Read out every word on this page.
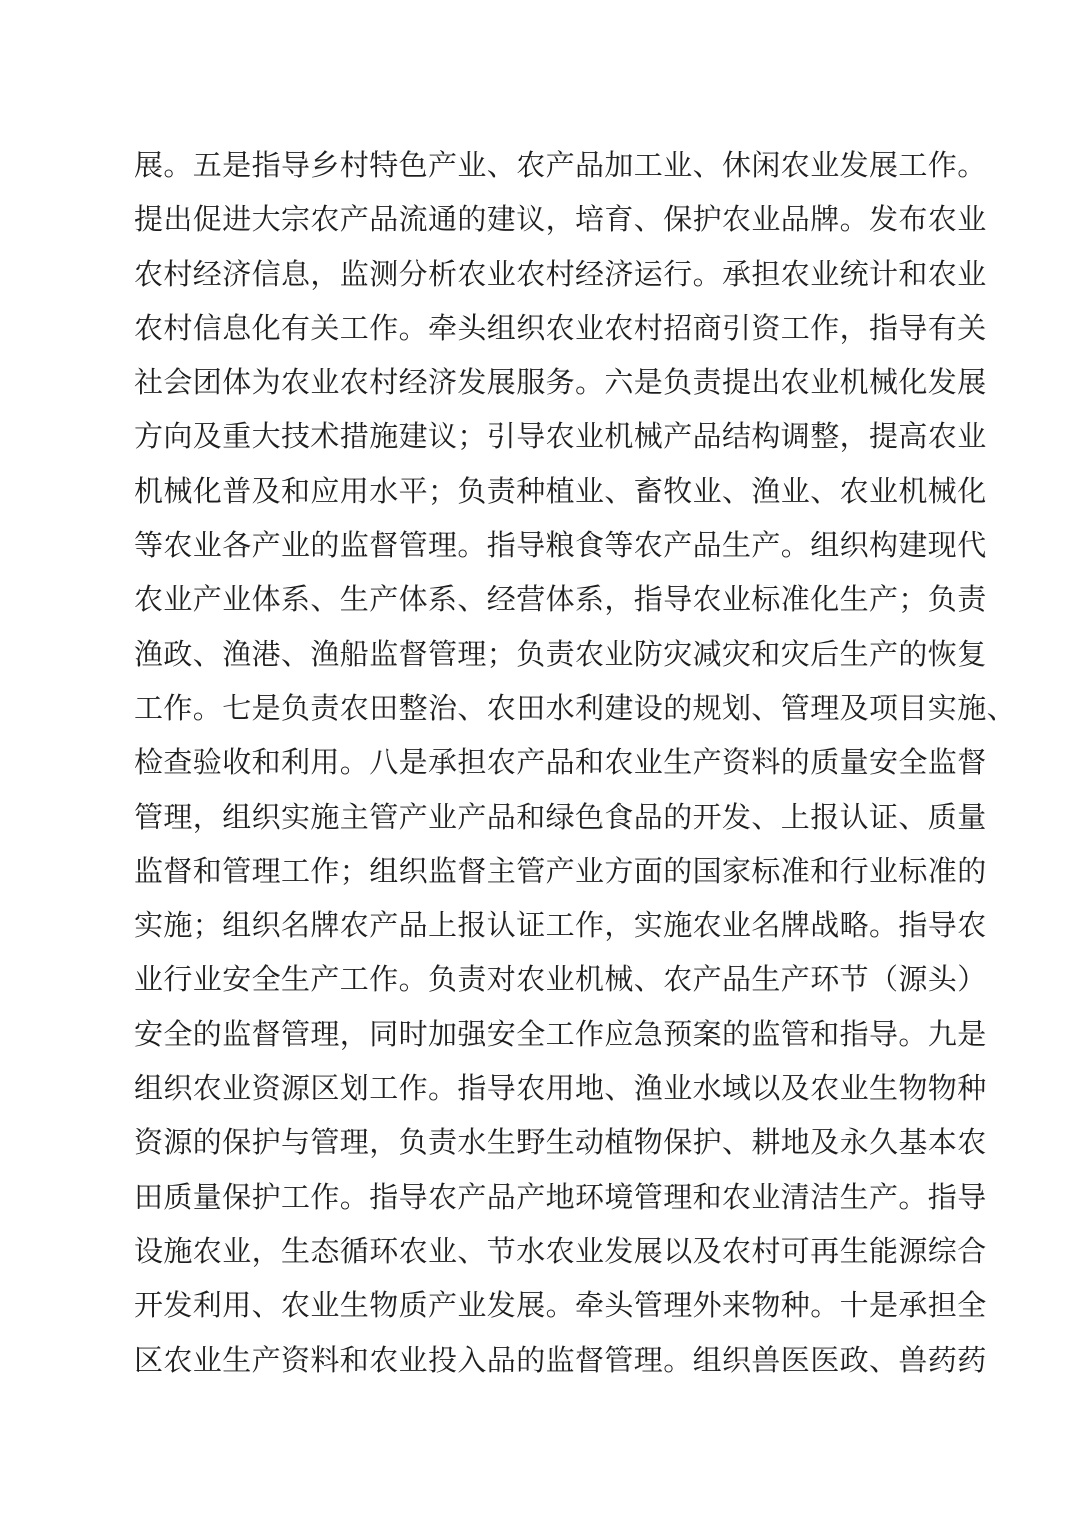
展。五是指导乡村特色产业、农产品加工业、休闲农业发展工作。
提出促进大宗农产品流通的建议，培育、保护农业品牌。发布农业
农村经济信息，监测分析农业农村经济运行。承担农业统计和农业
农村信息化有关工作。牵头组织农业农村招商引资工作，指导有关
社会团体为农业农村经济发展服务。六是负责提出农业机械化发展
方向及重大技术措施建议；引导农业机械产品结构调整，提高农业
机械化普及和应用水平；负责种植业、畜牧业、渔业、农业机械化
等农业各产业的监督管理。指导粮食等农产品生产。组织构建现代
农业产业体系、生产体系、经营体系，指导农业标准化生产；负责
渔政、渔港、渔船监督管理；负责农业防灾减灾和灾后生产的恢复
工作。七是负责农田整治、农田水利建设的规划、管理及项目实施、
检查验收和利用。八是承担农产品和农业生产资料的质量安全监督
管理，组织实施主管产业产品和绿色食品的开发、上报认证、质量
监督和管理工作；组织监督主管产业方面的国家标准和行业标准的
实施；组织名牌农产品上报认证工作，实施农业名牌战略。指导农
业行业安全生产工作。负责对农业机械、农产品生产环节（源头）
安全的监督管理，同时加强安全工作应急预案的监管和指导。九是
组织农业资源区划工作。指导农用地、渔业水域以及农业生物物种
资源的保护与管理，负责水生野生动植物保护、耕地及永久基本农
田质量保护工作。指导农产品产地环境管理和农业清洁生产。指导
设施农业，生态循环农业、节水农业发展以及农村可再生能源综合
开发利用、农业生物质产业发展。牵头管理外来物种。十是承担全
区农业生产资料和农业投入品的监督管理。组织兽医医政、兽药药
